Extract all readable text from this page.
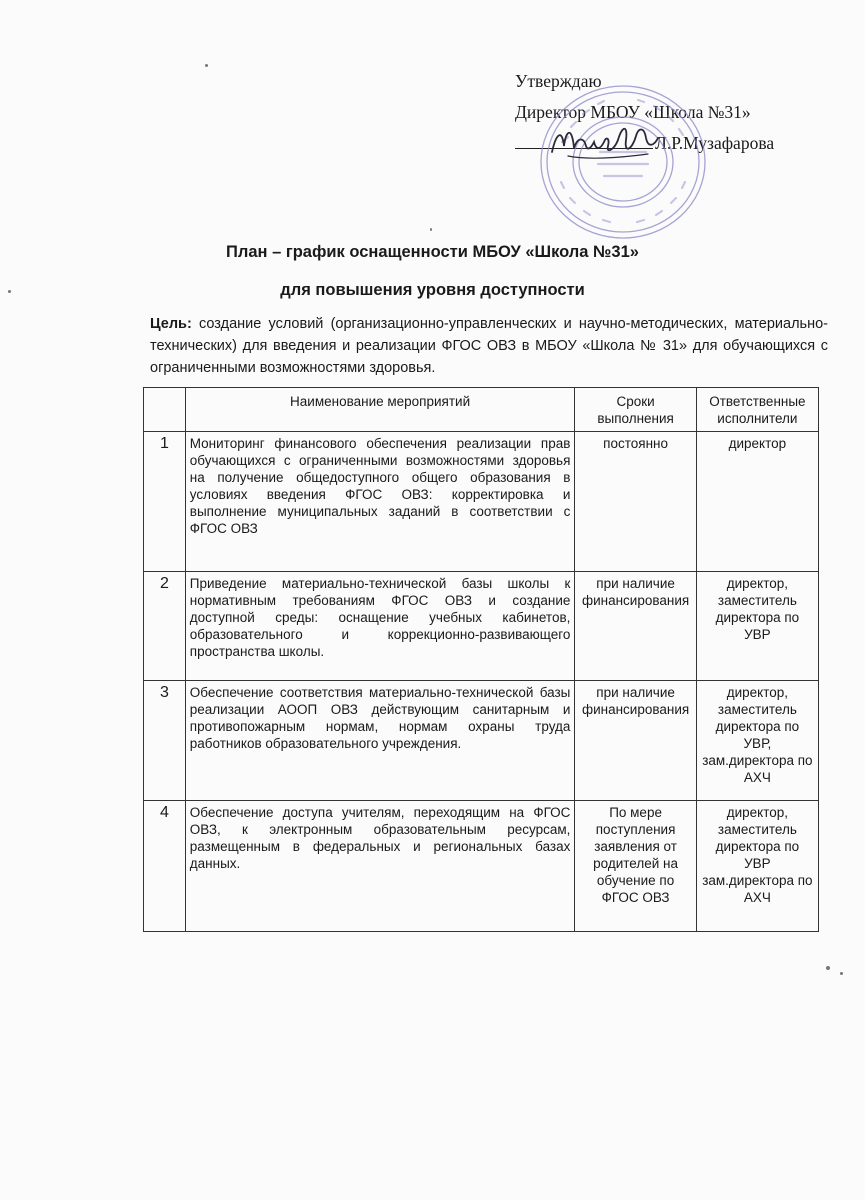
Утверждаю
Директор МБОУ «Школа №31»
Л.Р.Музафарова
План – график оснащенности МБОУ «Школа №31»
для повышения уровня доступности
Цель: создание условий (организационно-управленческих и научно-методических, материально-технических) для введения и реализации ФГОС ОВЗ в МБОУ «Школа № 31» для обучающихся с ограниченными возможностями здоровья.
	Наименование мероприятий	Сроки выполнения	Ответственные исполнители
1	Мониторинг финансового обеспечения реализации прав обучающихся с ограниченными возможностями здоровья на получение общедоступного общего образования в условиях введения ФГОС ОВЗ: корректировка и выполнение муниципальных заданий в соответствии с ФГОС ОВЗ	постоянно	директор
2	Приведение материально-технической базы школы к нормативным требованиям ФГОС ОВЗ и создание доступной среды: оснащение учебных кабинетов, образовательного и коррекционно-развивающего пространства школы.	при наличие финансирования	директор, заместитель директора по УВР
3	Обеспечение соответствия материально-технической базы реализации АООП ОВЗ действующим санитарным и противопожарным нормам, нормам охраны труда работников образовательного учреждения.	при наличие финансирования	директор, заместитель директора по УВР, зам.директора по АХЧ
4	Обеспечение доступа учителям, переходящим на ФГОС ОВЗ, к электронным образовательным ресурсам, размещенным в федеральных и региональных базах данных.	По мере поступления заявления от родителей на обучение по ФГОС ОВЗ	директор, заместитель директора по УВР зам.директора по АХЧ
